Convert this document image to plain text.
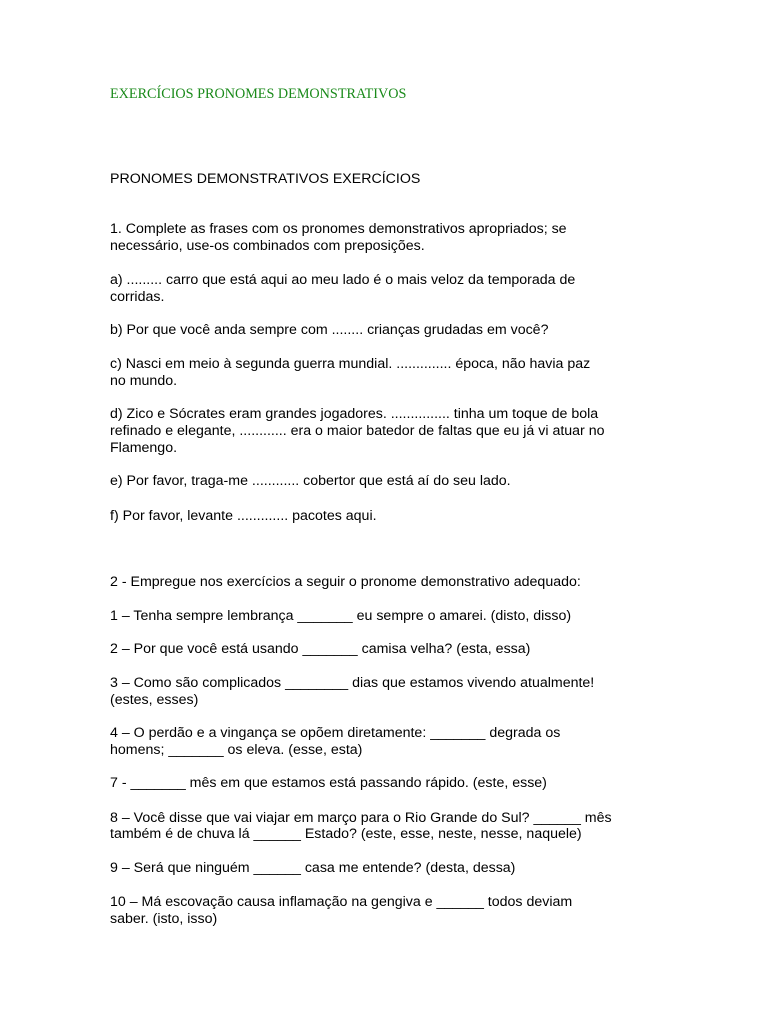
EXERCÍCIOS PRONOMES DEMONSTRATIVOS

PRONOMES DEMONSTRATIVOS EXERCÍCIOS

1. Complete as frases com os pronomes demonstrativos apropriados; se

necessário, use-os combinados com preposições.

a) ......... carro que está aqui ao meu lado é o mais veloz da temporada de

corridas.

b) Por que você anda sempre com ........ crianças grudadas em você?

c) Nasci em meio à segunda guerra mundial. .............. época, não havia paz

no mundo.

d) Zico e Sócrates eram grandes jogadores. ............... tinha um toque de bola

refinado e elegante, ............ era o maior batedor de faltas que eu já vi atuar no

Flamengo.

e) Por favor, traga-me ............ cobertor que está aí do seu lado.

f) Por favor, levante ............. pacotes aqui.

2 - Empregue nos exercícios a seguir o pronome demonstrativo adequado:

1 – Tenha sempre lembrança _______ eu sempre o amarei. (disto, disso)

2 – Por que você está usando _______ camisa velha? (esta, essa)

3 – Como são complicados ________ dias que estamos vivendo atualmente!

(estes, esses)

4 – O perdão e a vingança se opõem diretamente: _______ degrada os

homens; _______ os eleva. (esse, esta)

7 - _______ mês em que estamos está passando rápido. (este, esse)

8 – Você disse que vai viajar em março para o Rio Grande do Sul? ______ mês

também é de chuva lá ______ Estado? (este, esse, neste, nesse, naquele)

9 – Será que ninguém ______ casa me entende? (desta, dessa)

10 – Má escovação causa inflamação na gengiva e ______ todos deviam

saber. (isto, isso)
